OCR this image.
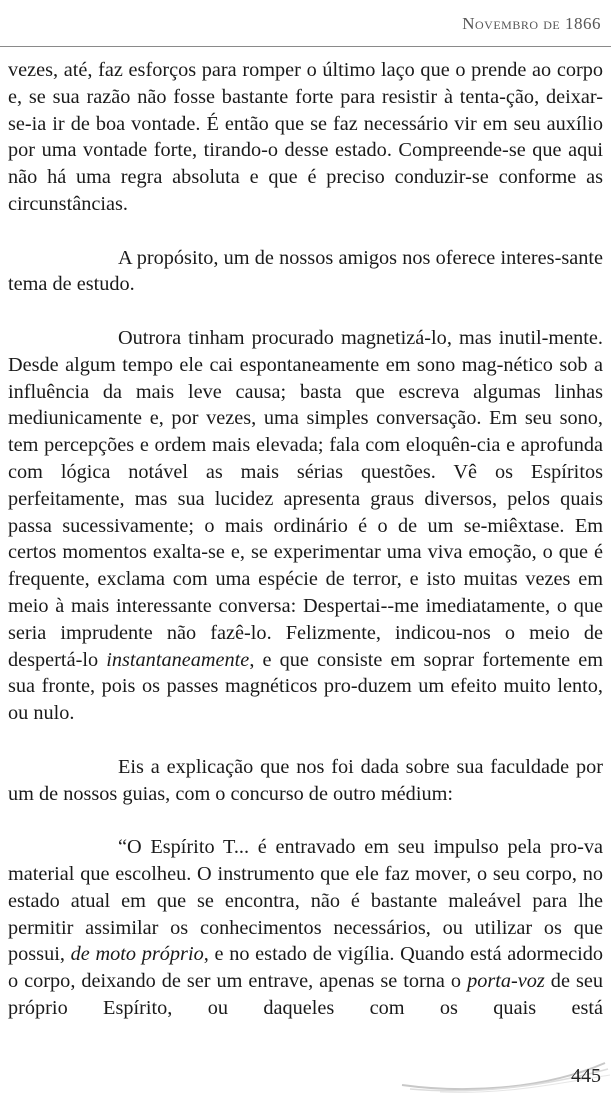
Novembro de 1866

vezes, até, faz esforços para romper o último laço que o prende ao corpo e, se sua razão não fosse bastante forte para resistir à tenta-ção, deixar-se-ia ir de boa vontade. É então que se faz necessário vir em seu auxílio por uma vontade forte, tirando-o desse estado. Compreende-se que aqui não há uma regra absoluta e que é preciso conduzir-se conforme as circunstâncias.

A propósito, um de nossos amigos nos oferece interes-sante tema de estudo.

Outrora tinham procurado magnetizá-lo, mas inutil-mente. Desde algum tempo ele cai espontaneamente em sono mag-nético sob a influência da mais leve causa; basta que escreva algumas linhas mediunicamente e, por vezes, uma simples conversação. Em seu sono, tem percepções e ordem mais elevada; fala com eloquên-cia e aprofunda com lógica notável as mais sérias questões. Vê os Espíritos perfeitamente, mas sua lucidez apresenta graus diversos, pelos quais passa sucessivamente; o mais ordinário é o de um se-miêxtase. Em certos momentos exalta-se e, se experimentar uma viva emoção, o que é frequente, exclama com uma espécie de terror, e isto muitas vezes em meio à mais interessante conversa: Despertai--me imediatamente, o que seria imprudente não fazê-lo. Felizmente, indicou-nos o meio de despertá-lo instantaneamente, e que consiste em soprar fortemente em sua fronte, pois os passes magnéticos pro-duzem um efeito muito lento, ou nulo.

Eis a explicação que nos foi dada sobre sua faculdade por um de nossos guias, com o concurso de outro médium:

“O Espírito T... é entravado em seu impulso pela pro-va material que escolheu. O instrumento que ele faz mover, o seu corpo, no estado atual em que se encontra, não é bastante maleável para lhe permitir assimilar os conhecimentos necessários, ou utilizar os que possui, de moto próprio, e no estado de vigília. Quando está adormecido o corpo, deixando de ser um entrave, apenas se torna o porta-voz de seu próprio Espírito, ou daqueles com os quais está

445
